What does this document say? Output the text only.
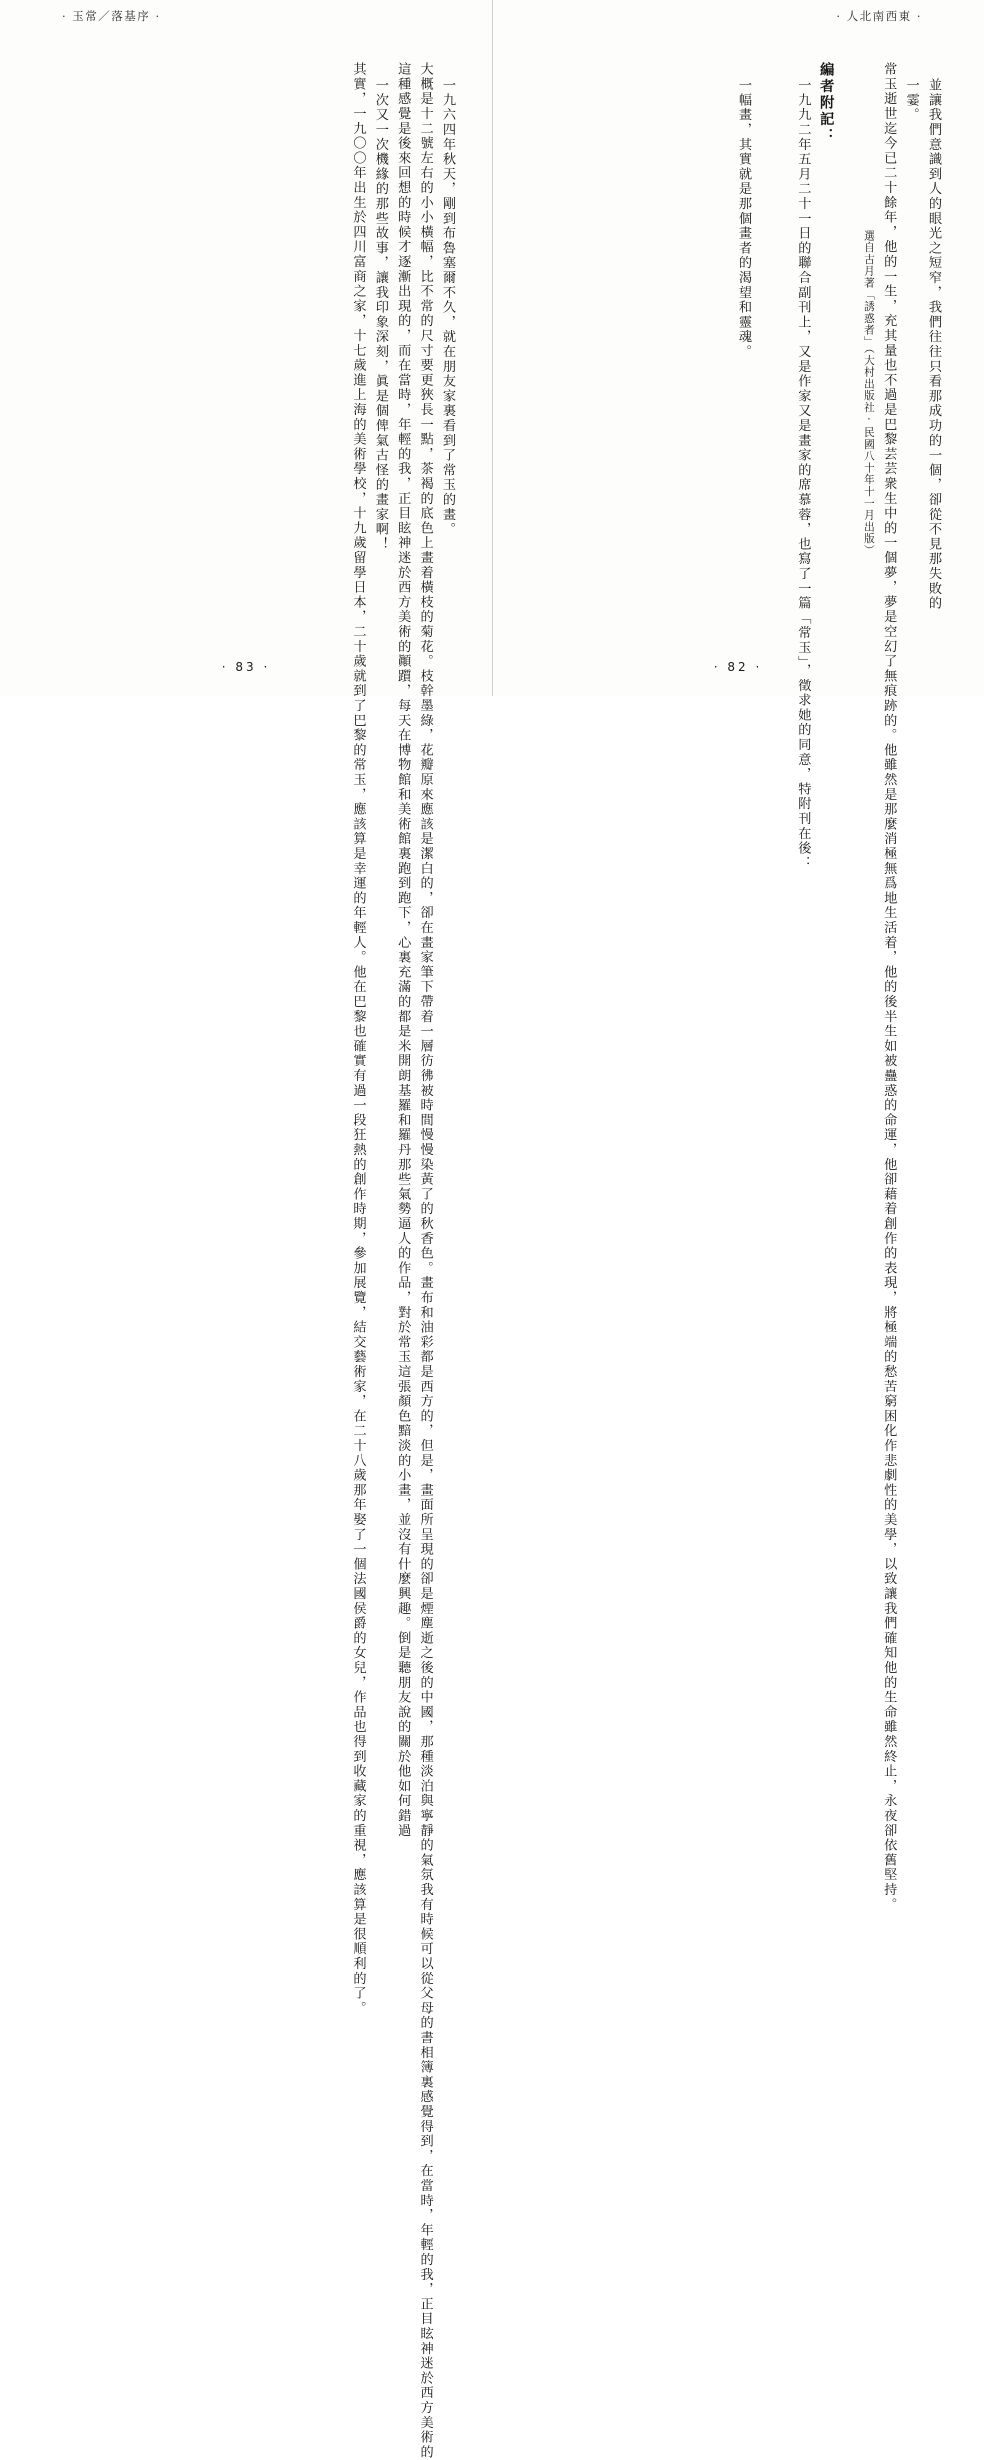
· 玉常／落基序 ·
一九六四年秋天，剛到布魯塞爾不久，就在朋友家裏看到了常玉的畫。
大概是十二號左右的小小橫幅，比不常的尺寸要更狹長一點，茶褐的底色上畫着橫枝的菊花。枝幹墨綠，花瓣原來應該是潔白的，卻在畫家筆下帶着一層彷彿被時間慢慢染黃了的秋香色。畫布和油彩都是西方的，但是，畫面所呈現的卻是煙塵逝之後的中國，那種淡泊與寧靜的氣氛我有時候可以從父母的書相簿裏感覺得到，在當時，年輕的我，正目眩神迷於西方美術的
這種感覺是後來回想的時候才逐漸出現的，而在當時，年輕的我，正目眩神迷於西方美術的顚躓，每天在博物館和美術館裏跑到跑下，心裏充滿的都是米開朗基羅和羅丹那些氣勢逼人的作品，對於常玉這張顏色黯淡的小畫，並沒有什麼興趣。倒是聽朋友說的關於他如何錯過
一次又一次機緣的那些故事，讓我印象深刻，眞是個俾氣古怪的畫家啊！
其實，一九〇〇年出生於四川富商之家，十七歲進上海的美術學校，十九歲留學日本，二十歲就到了巴黎的常玉，應該算是幸運的年輕人。他在巴黎也確實有過一段狂熱的創作時期，參加展覽，結交藝術家，在二十八歲那年娶了一個法國侯爵的女兒，作品也得到收藏家的重視，應該算是很順利的了。
· 83 ·
· 人北南西東 ·
並讓我們意識到人的眼光之短窄，我們往往只看那成功的一個，卻從不見那失敗的
一霎。
常玉逝世迄今已二十餘年，他的一生，充其量也不過是巴黎芸芸衆生中的一個夢，夢是空幻了無痕跡的。他雖然是那麼消極無爲地生活着，他的後半生如被蠱惑的命運，他卻藉着創作的表現，將極端的愁苦窮困化作悲劇性的美學，以致讓我們確知他的生命雖然終止，永夜卻依舊堅持。
選自古月著「誘惑者」（大村出版社·民國八十年十一月出版）
編者附記：
一九九二年五月二十一日的聯合副刊上，又是作家又是畫家的席慕蓉，也寫了一篇「常玉」，徵求她的同意，特附刊在後：
一幅畫，其實就是那個畫者的渴望和靈魂。
· 82 ·
